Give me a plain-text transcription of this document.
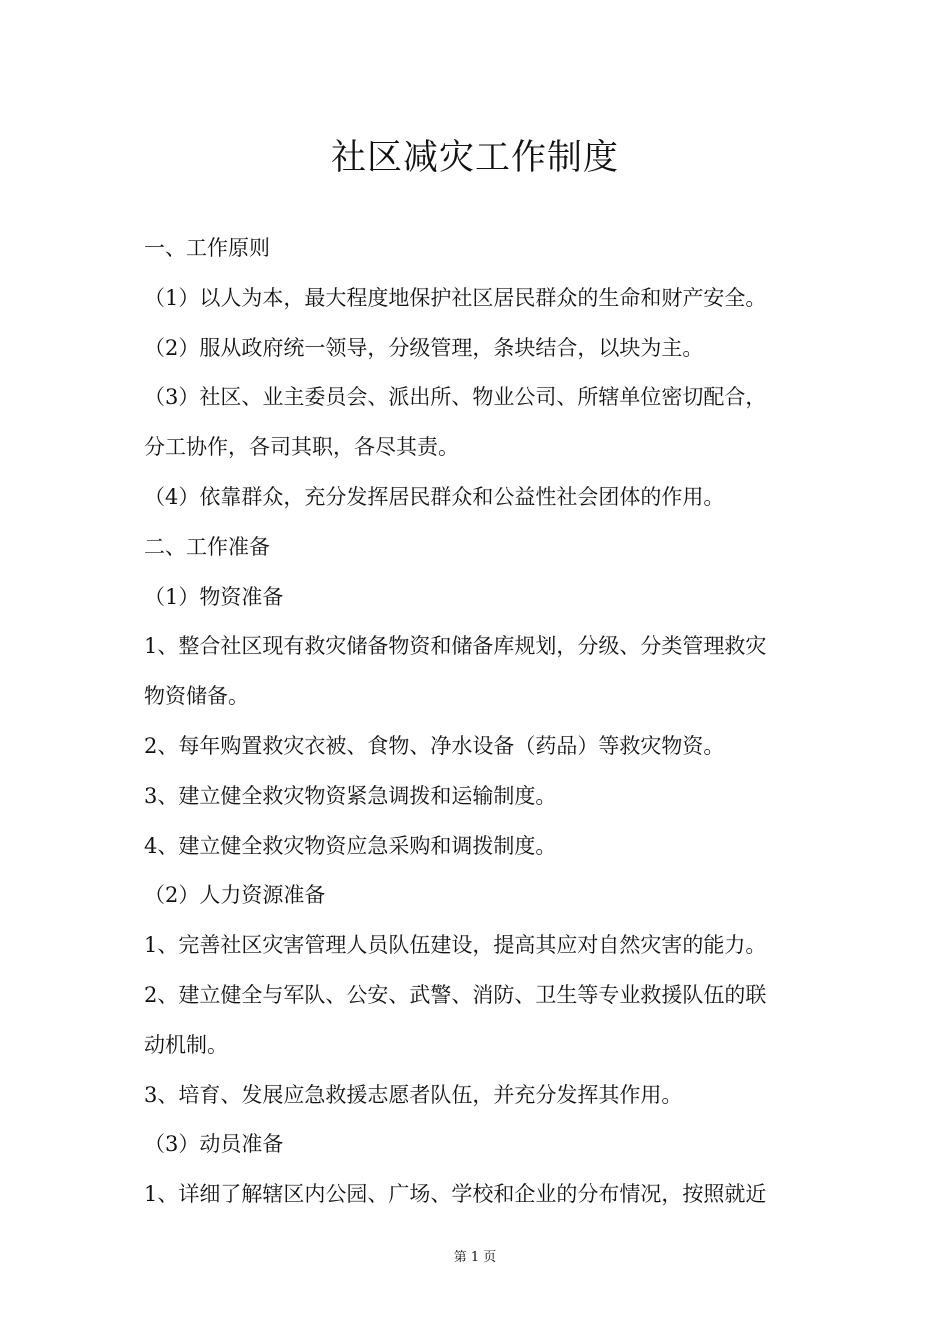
社区减灾工作制度

一、工作原则

（1）以人为本，最大程度地保护社区居民群众的生命和财产安全。

（2）服从政府统一领导，分级管理，条块结合，以块为主。

（3）社区、业主委员会、派出所、物业公司、所辖单位密切配合，

分工协作，各司其职，各尽其责。

（4）依靠群众，充分发挥居民群众和公益性社会团体的作用。

二、工作准备

（1）物资准备

1、整合社区现有救灾储备物资和储备库规划，分级、分类管理救灾

物资储备。

2、每年购置救灾衣被、食物、净水设备（药品）等救灾物资。

3、建立健全救灾物资紧急调拨和运输制度。

4、建立健全救灾物资应急采购和调拨制度。

（2）人力资源准备

1、完善社区灾害管理人员队伍建设，提高其应对自然灾害的能力。

2、建立健全与军队、公安、武警、消防、卫生等专业救援队伍的联

动机制。

3、培育、发展应急救援志愿者队伍，并充分发挥其作用。

（3）动员准备

1、详细了解辖区内公园、广场、学校和企业的分布情况，按照就近

第 1 页
